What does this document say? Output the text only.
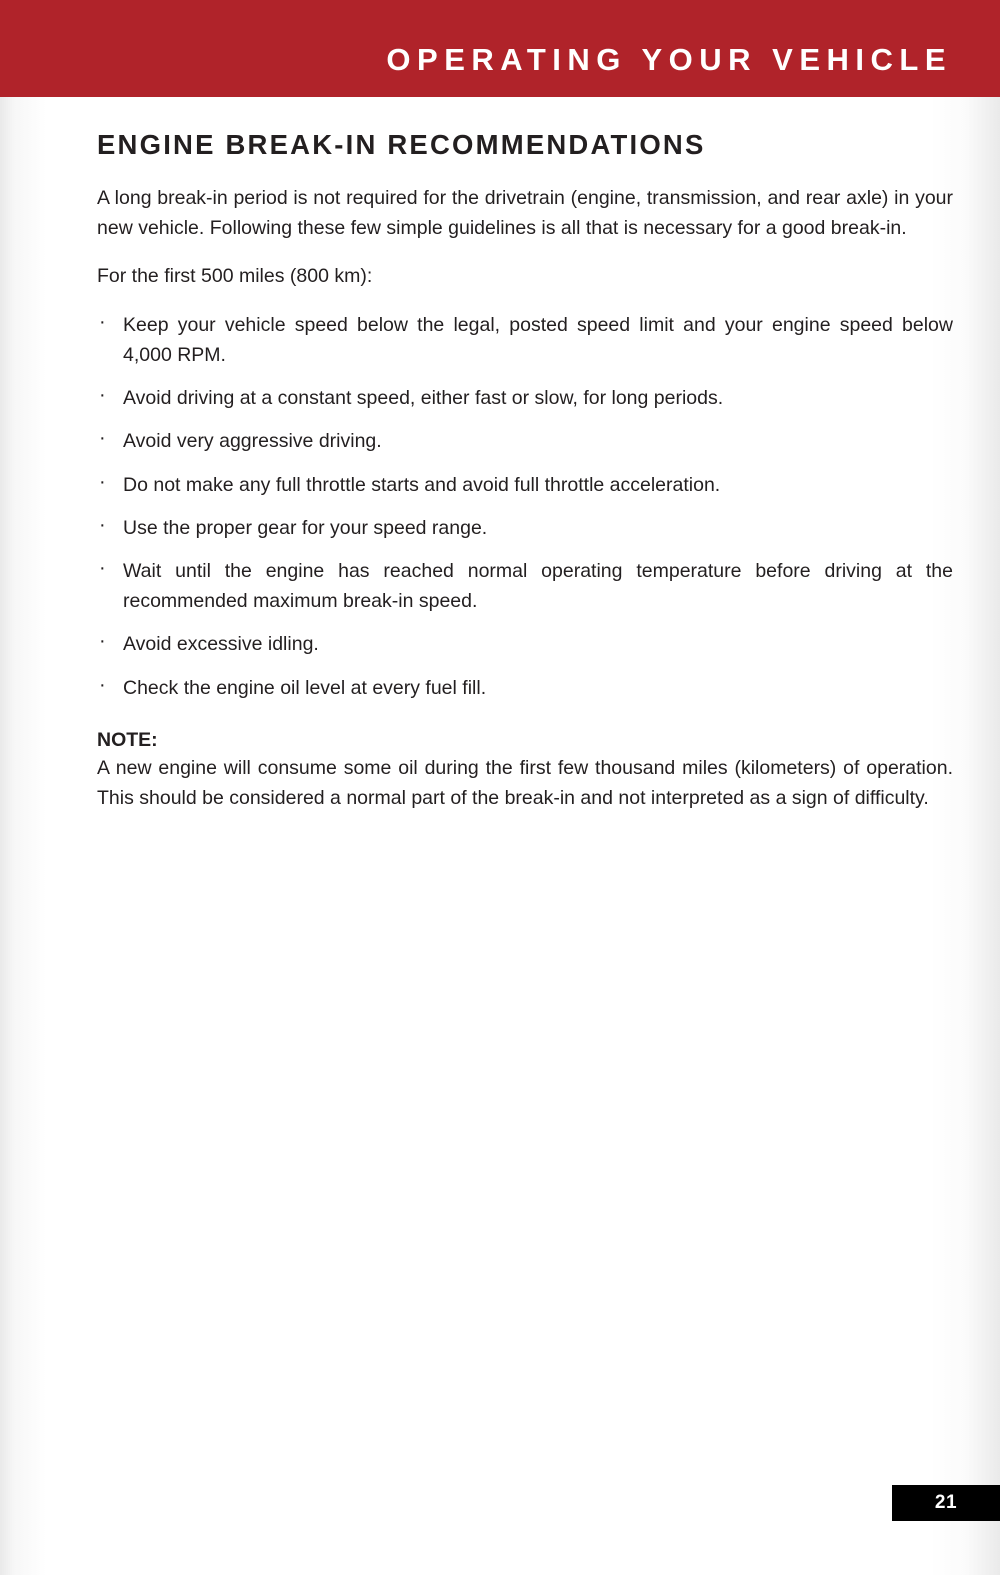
OPERATING YOUR VEHICLE
ENGINE BREAK-IN RECOMMENDATIONS

A long break-in period is not required for the drivetrain (engine, transmission, and rear axle) in your new vehicle. Following these few simple guidelines is all that is necessary for a good break-in.

For the first 500 miles (800 km):

· Keep your vehicle speed below the legal, posted speed limit and your engine speed below 4,000 RPM.
· Avoid driving at a constant speed, either fast or slow, for long periods.
· Avoid very aggressive driving.
· Do not make any full throttle starts and avoid full throttle acceleration.
· Use the proper gear for your speed range.
· Wait until the engine has reached normal operating temperature before driving at the recommended maximum break-in speed.
· Avoid excessive idling.
· Check the engine oil level at every fuel fill.
NOTE:

A new engine will consume some oil during the first few thousand miles (kilometers) of operation. This should be considered a normal part of the break-in and not interpreted as a sign of difficulty.

21
